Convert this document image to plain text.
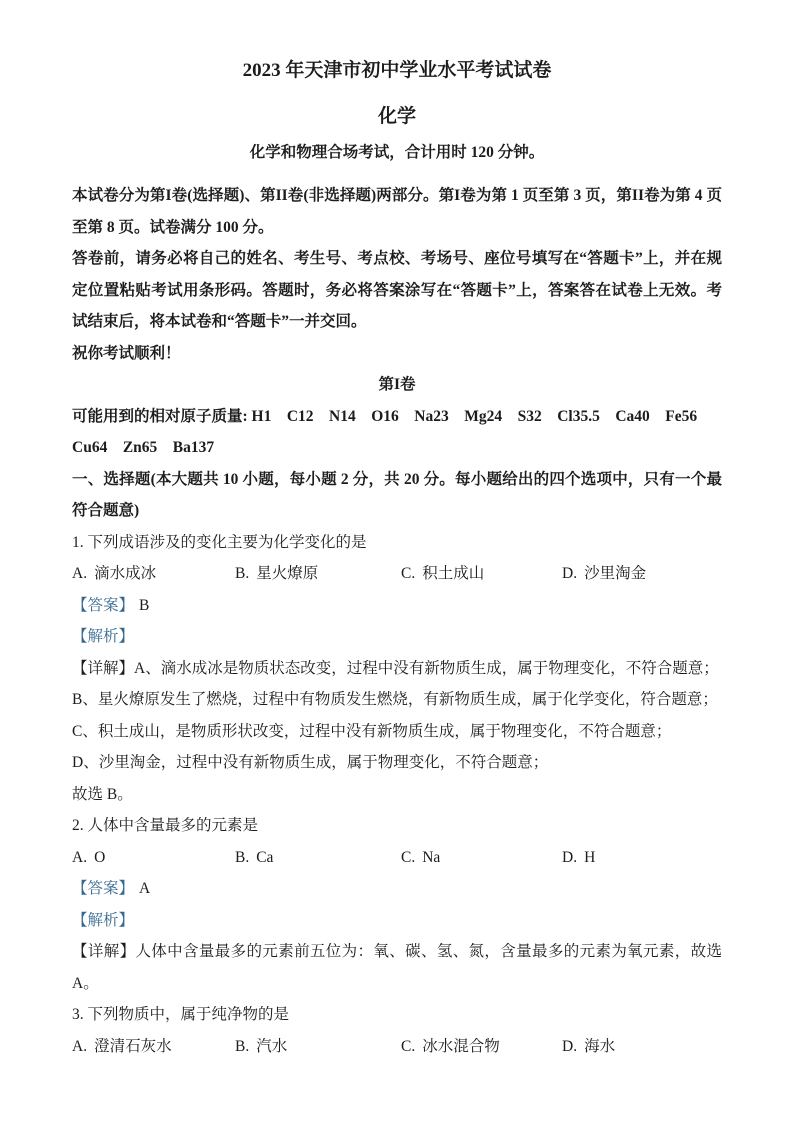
2023 年天津市初中学业水平考试试卷

化学

化学和物理合场考试，合计用时 120 分钟。

本试卷分为第I卷(选择题)、第II卷(非选择题)两部分。第I卷为第 1 页至第 3 页，第II卷为第 4 页至第 8 页。试卷满分 100 分。

答卷前，请务必将自己的姓名、考生号、考点校、考场号、座位号填写在“答题卡”上，并在规定位置粘贴考试用条形码。答题时，务必将答案涂写在“答题卡”上，答案答在试卷上无效。考试结束后，将本试卷和“答题卡”一并交回。

祝你考试顺利！

第I卷

可能用到的相对原子质量: H1　C12　N14　O16　Na23　Mg24　S32　Cl35.5　Ca40　Fe56

Cu64　Zn65　Ba137

一、选择题(本大题共 10 小题，每小题 2 分，共 20 分。每小题给出的四个选项中，只有一个最符合题意)

1. 下列成语涉及的变化主要为化学变化的是

A. 滴水成冰	B. 星火燎原	C. 积土成山	D. 沙里淘金

【答案】 B

【解析】

【详解】A、滴水成冰是物质状态改变，过程中没有新物质生成，属于物理变化，不符合题意；

B、星火燎原发生了燃烧，过程中有物质发生燃烧，有新物质生成，属于化学变化，符合题意；

C、积土成山，是物质形状改变，过程中没有新物质生成，属于物理变化，不符合题意；

D、沙里淘金，过程中没有新物质生成，属于物理变化，不符合题意；

故选 B。

2. 人体中含量最多的元素是

A. O	B. Ca	C. Na	D. H

【答案】 A

【解析】

【详解】人体中含量最多的元素前五位为：氧、碳、氢、氮，含量最多的元素为氧元素，故选 A。

3. 下列物质中，属于纯净物的是

A. 澄清石灰水	B. 汽水	C. 冰水混合物	D. 海水
